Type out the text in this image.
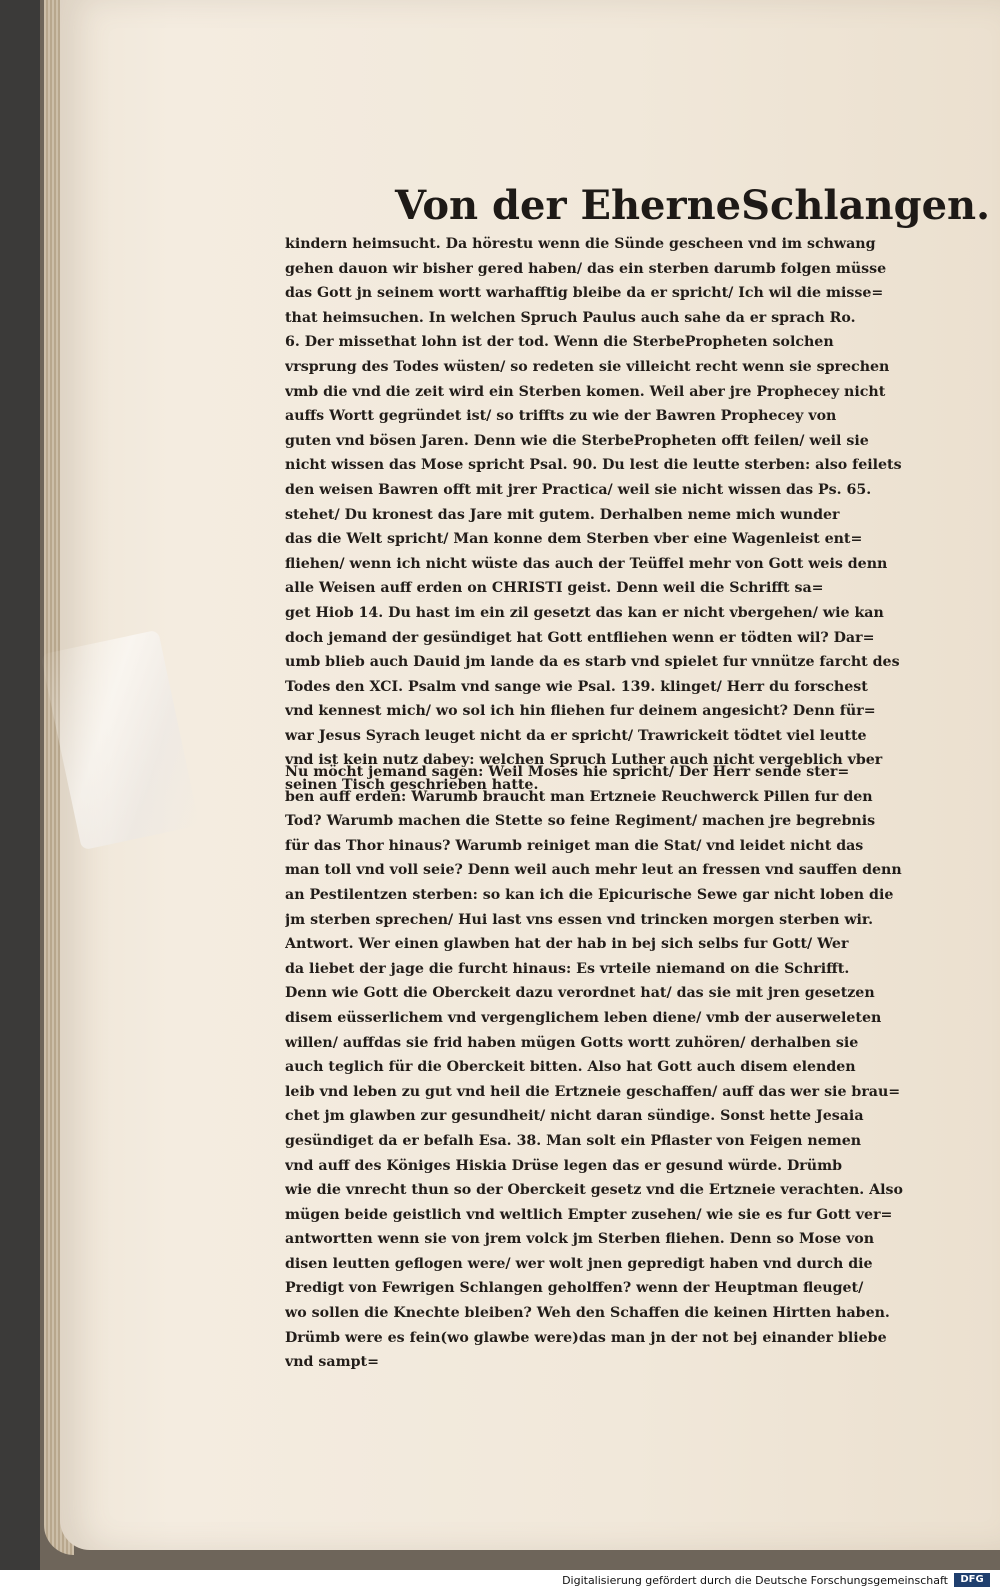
Von der EherneSchlangen.
kindern heimsucht. Da hörestu wenn die Sünde gescheen vnd im schwang
gehen dauon wir bisher gered haben/ das ein sterben darumb folgen müsse
das Gott jn seinem wortt warhafftig bleibe da er spricht/ Ich wil die misse=
that heimsuchen. In welchen Spruch Paulus auch sahe da er sprach Ro.
6. Der missethat lohn ist der tod. Wenn die SterbePropheten solchen
vrsprung des Todes wüsten/ so redeten sie villeicht recht wenn sie sprechen
vmb die vnd die zeit wird ein Sterben komen. Weil aber jre Prophecey nicht
auffs Wortt gegründet ist/ so triffts zu wie der Bawren Prophecey von
guten vnd bösen Jaren. Denn wie die SterbePropheten offt feilen/ weil sie
nicht wissen das Mose spricht Psal. 90. Du lest die leutte sterben: also feilets
den weisen Bawren offt mit jrer Practica/ weil sie nicht wissen das Ps. 65.
stehet/ Du kronest das Jare mit gutem. Derhalben neme mich wunder
das die Welt spricht/ Man konne dem Sterben vber eine Wagenleist ent=
fliehen/ wenn ich nicht wüste das auch der Teüffel mehr von Gott weis denn
alle Weisen auff erden on CHRISTI geist. Denn weil die Schrifft sa=
get Hiob 14. Du hast im ein zil gesetzt das kan er nicht vbergehen/ wie kan
doch jemand der gesündiget hat Gott entfliehen wenn er tödten wil? Dar=
umb blieb auch Dauid jm lande da es starb vnd spielet fur vnnütze farcht des
Todes den XCI. Psalm vnd sange wie Psal. 139. klinget/ Herr du forschest
vnd kennest mich/ wo sol ich hin fliehen fur deinem angesicht? Denn für=
war Jesus Syrach leuget nicht da er spricht/ Trawrickeit tödtet viel leutte
vnd ist kein nutz dabey: welchen Spruch Luther auch nicht vergeblich vber
seinen Tisch geschrieben hatte.
Nu möcht jemand sagen: Weil Moses hie spricht/ Der Herr sende ster=
ben auff erden: Warumb braucht man Ertzneie Reuchwerck Pillen fur den
Tod? Warumb machen die Stette so feine Regiment/ machen jre begrebnis
für das Thor hinaus? Warumb reiniget man die Stat/ vnd leidet nicht das
man toll vnd voll seie? Denn weil auch mehr leut an fressen vnd sauffen denn
an Pestilentzen sterben: so kan ich die Epicurische Sewe gar nicht loben die
jm sterben sprechen/ Hui last vns essen vnd trincken morgen sterben wir.
Antwort. Wer einen glawben hat der hab in bej sich selbs fur Gott/ Wer
da liebet der jage die furcht hinaus: Es vrteile niemand on die Schrifft.
Denn wie Gott die Oberckeit dazu verordnet hat/ das sie mit jren gesetzen
disem eüsserlichem vnd vergenglichem leben diene/ vmb der auserweleten
willen/ auffdas sie frid haben mügen Gotts wortt zuhören/ derhalben sie
auch teglich für die Oberckeit bitten. Also hat Gott auch disem elenden
leib vnd leben zu gut vnd heil die Ertzneie geschaffen/ auff das wer sie brau=
chet jm glawben zur gesundheit/ nicht daran sündige. Sonst hette Jesaia
gesündiget da er befalh Esa. 38. Man solt ein Pflaster von Feigen nemen
vnd auff des Königes Hiskia Drüse legen das er gesund würde. Drümb
wie die vnrecht thun so der Oberckeit gesetz vnd die Ertzneie verachten. Also
mügen beide geistlich vnd weltlich Empter zusehen/ wie sie es fur Gott ver=
antwortten wenn sie von jrem volck jm Sterben fliehen. Denn so Mose von
disen leutten geflogen were/ wer wolt jnen gepredigt haben vnd durch die
Predigt von Fewrigen Schlangen geholffen? wenn der Heuptman fleuget/
wo sollen die Knechte bleiben? Weh den Schaffen die keinen Hirtten haben.
Drümb were es fein(wo glawbe were)das man jn der not bej einander bliebe
vnd sampt=
Digitalisierung gefördert durch die Deutsche Forschungsgemeinschaft	DFG
